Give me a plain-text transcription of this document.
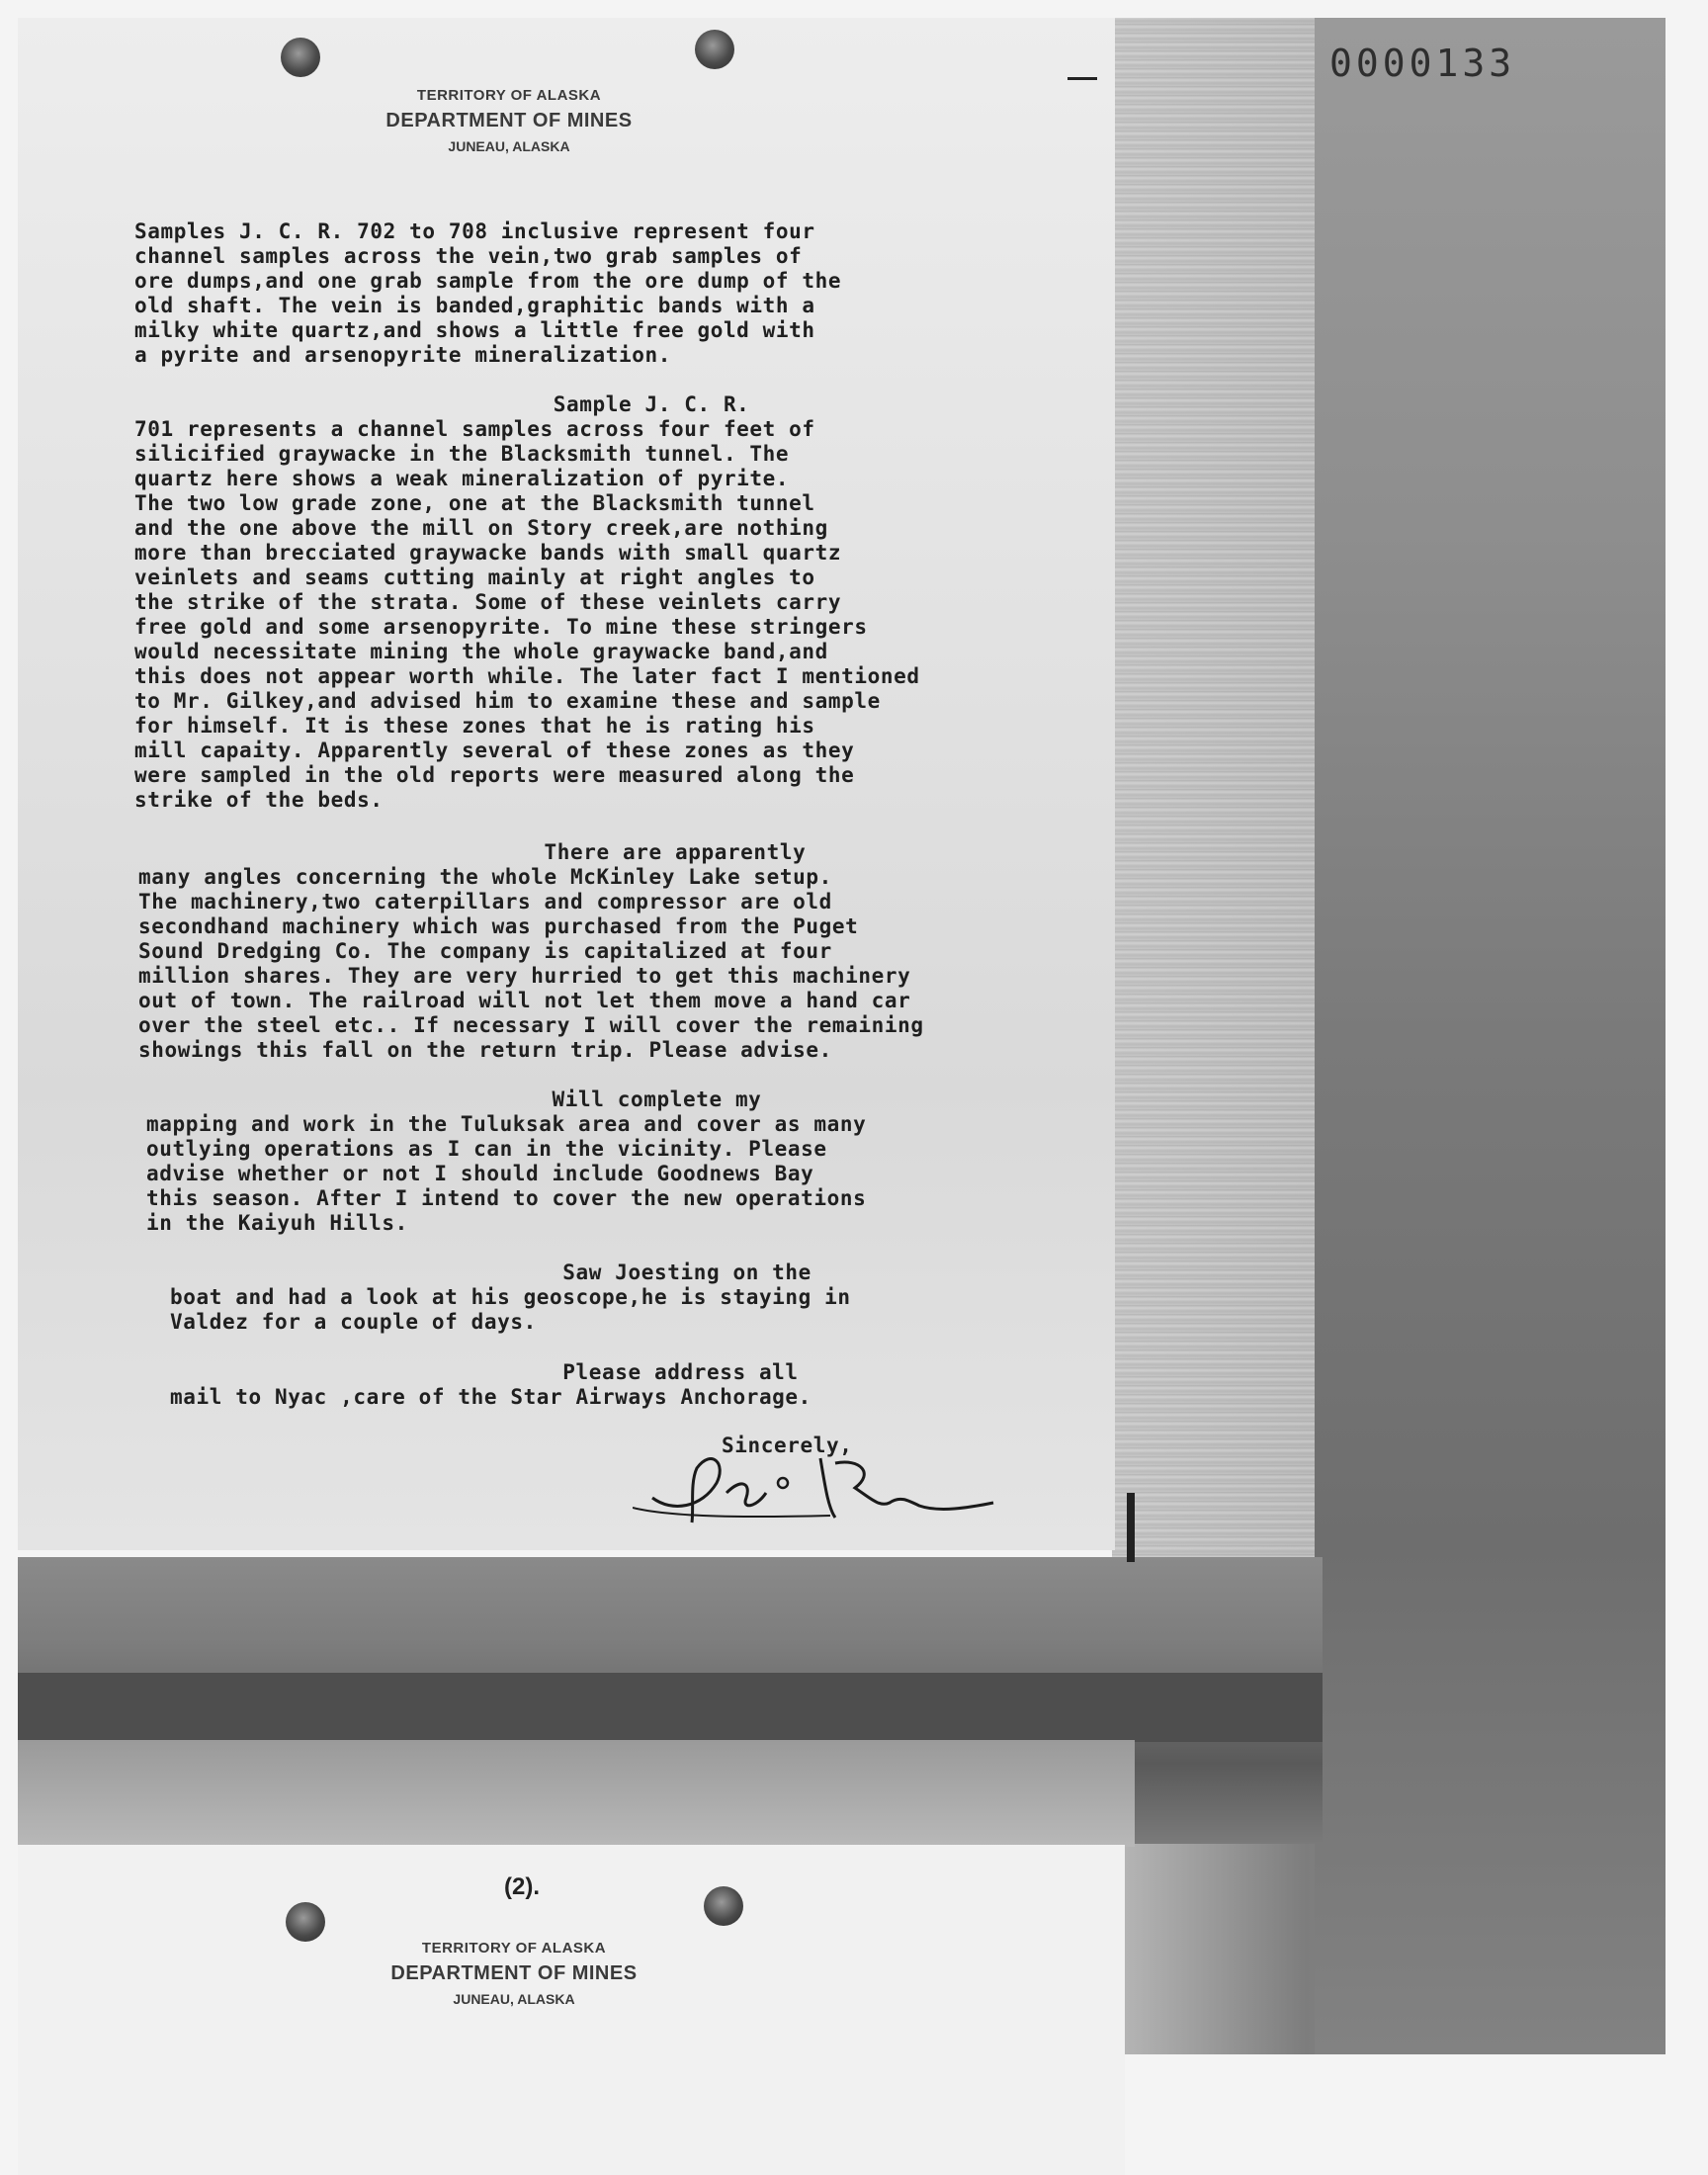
0000133
TERRITORY OF ALASKA
DEPARTMENT OF MINES
JUNEAU, ALASKA
Samples J. C. R. 702 to 708 inclusive represent four
channel samples across the vein,two grab samples of
ore dumps,and one grab sample from the ore dump of the
old shaft. The vein is banded,graphitic bands with a
milky white quartz,and shows a little free gold with
a pyrite and arsenopyrite mineralization.
Sample J. C. R.
701 represents a channel samples across four feet of
silicified graywacke in the Blacksmith tunnel. The
quartz here shows a weak mineralization of pyrite.
The two low grade zone, one at the Blacksmith tunnel
and the one above the mill on Story creek,are nothing
more than brecciated graywacke bands with small quartz
veinlets and seams cutting mainly at right angles to
the strike of the strata. Some of these veinlets carry
free gold and some arsenopyrite. To mine these stringers
would necessitate mining the whole graywacke band,and
this does not appear worth while. The later fact I mentioned
to Mr. Gilkey,and advised him to examine these and sample
for himself. It is these zones that he is rating his
mill capaity. Apparently several of these zones as they
were sampled in the old reports were measured along the
strike of the beds.
There are apparently
many angles concerning the whole McKinley Lake setup.
The machinery,two caterpillars and compressor are old
secondhand machinery which was purchased from the Puget
Sound Dredging Co. The company is capitalized at four
million shares. They are very hurried to get this machinery
out of town. The railroad will not let them move a hand car
over the steel etc.. If necessary I will cover the remaining
showings this fall on the return trip. Please advise.
Will complete my
mapping and work in the Tuluksak area and cover as many
outlying operations as I can in the vicinity. Please
advise whether or not I should include Goodnews Bay
this season. After I intend to cover the new operations
in the Kaiyuh Hills.
Saw Joesting on the
boat and had a look at his geoscope,he is staying in
Valdez for a couple of days.
Please address all
mail to Nyac ,care of the Star Airways Anchorage.
Sincerely,
(2).
TERRITORY OF ALASKA
DEPARTMENT OF MINES
JUNEAU, ALASKA
